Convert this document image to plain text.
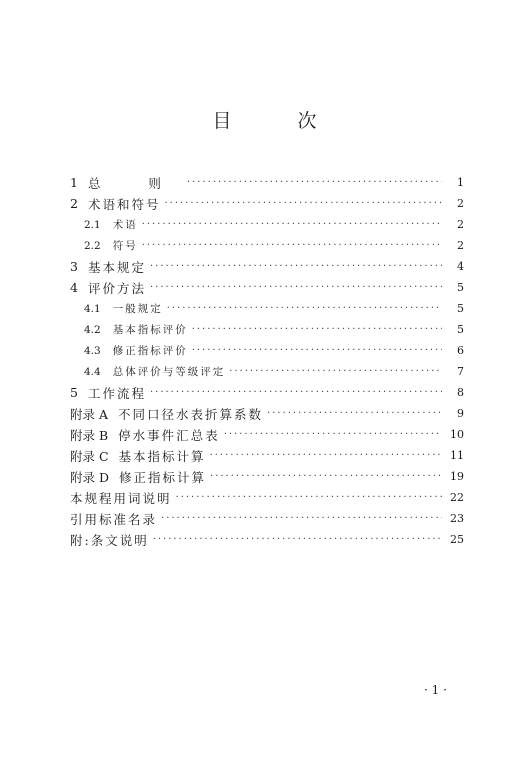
目 次
1 总 则 ·····	1
2 术语和符号 ·····	2
2.1 术语 ·····	2
2.2 符号 ·····	2
3 基本规定 ·····	4
4 评价方法 ·····	5
4.1 一般规定 ·····	5
4.2 基本指标评价 ·····	5
4.3 修正指标评价 ·····	6
4.4 总体评价与等级评定 ·····	7
5 工作流程 ·····	8
附录 A 不同口径水表折算系数 ·····	9
附录 B 停水事件汇总表 ·····	10
附录 C 基本指标计算 ·····	11
附录 D 修正指标计算 ·····	19
本规程用词说明 ·····	22
引用标准名录 ·····	23
附:条文说明 ·····	25
· 1 ·
